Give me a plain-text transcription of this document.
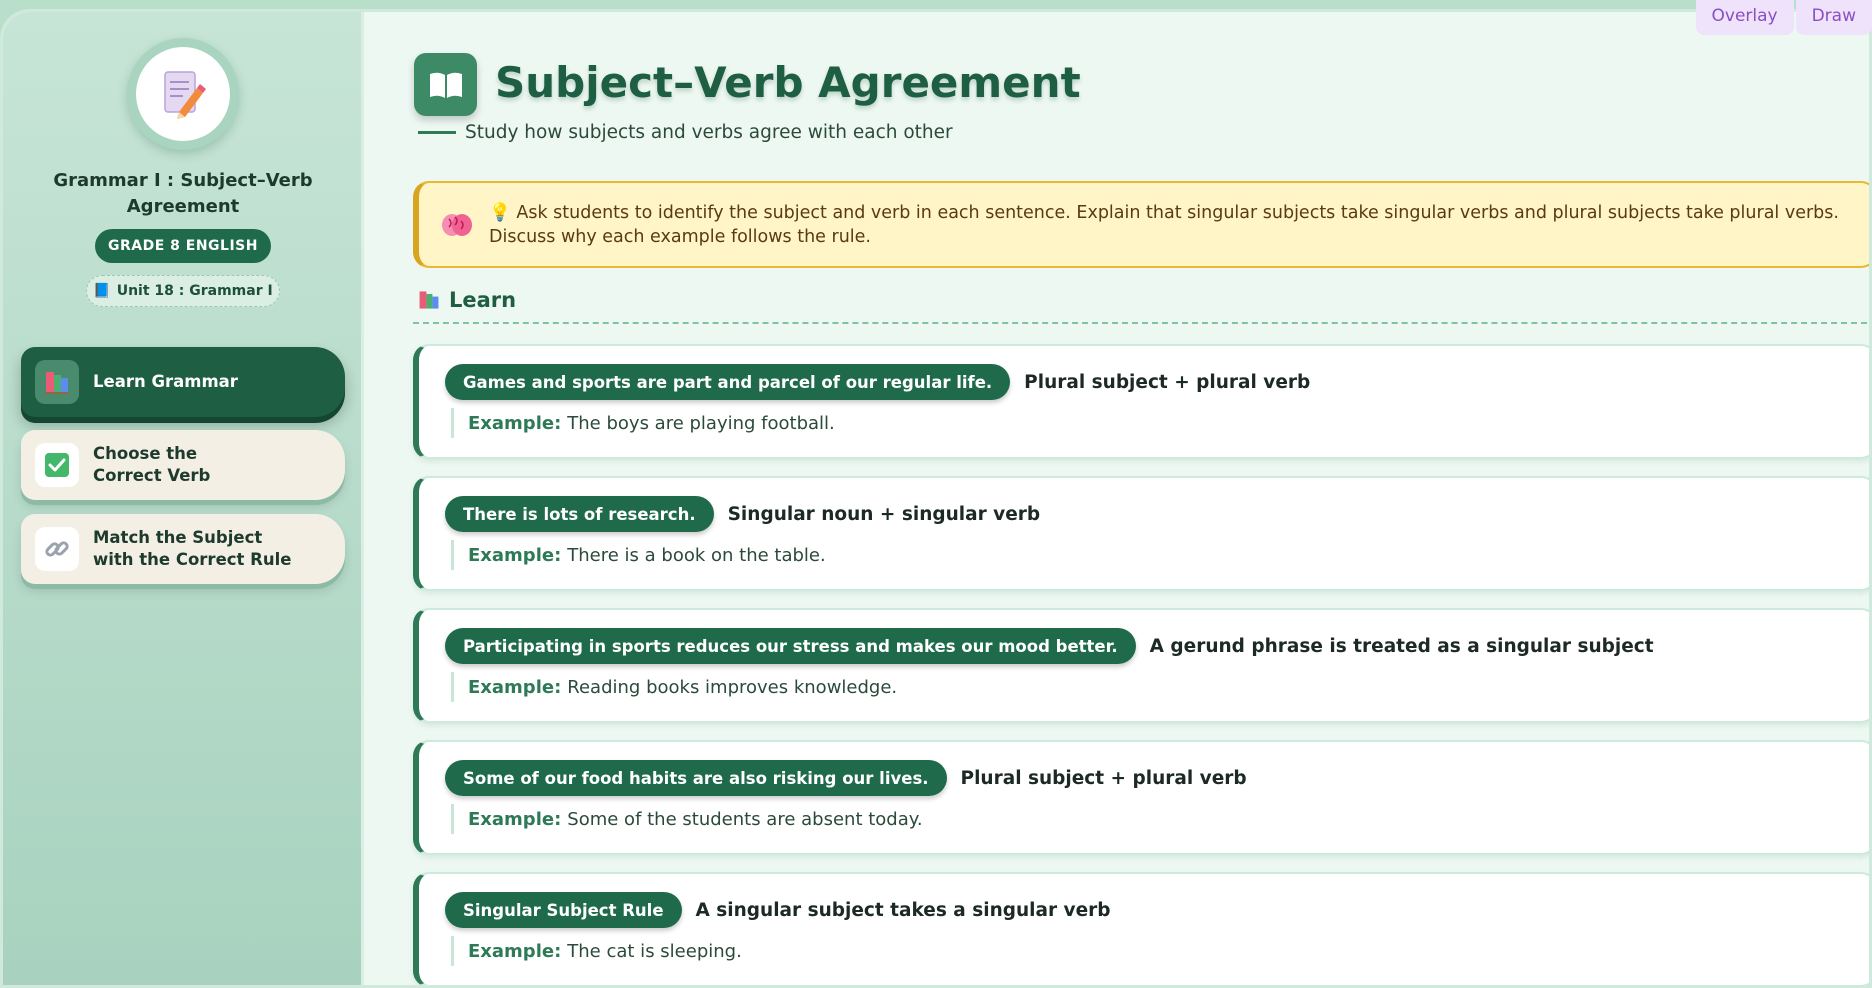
Overlay	Draw
Grammar I : Subject–Verb Agreement
GRADE 8 ENGLISH
📘 Unit 18 : Grammar I
Learn Grammar
Choose the Correct Verb
Match the Subject with the Correct Rule
Subject–Verb Agreement
Study how subjects and verbs agree with each other
💡 Ask students to identify the subject and verb in each sentence. Explain that singular subjects take singular verbs and plural subjects take plural verbs. Discuss why each example follows the rule.
Learn
Games and sports are part and parcel of our regular life.	Plural subject + plural verb
Example: The boys are playing football.
There is lots of research.	Singular noun + singular verb
Example: There is a book on the table.
Participating in sports reduces our stress and makes our mood better.	A gerund phrase is treated as a singular subject
Example: Reading books improves knowledge.
Some of our food habits are also risking our lives.	Plural subject + plural verb
Example: Some of the students are absent today.
Singular Subject Rule	A singular subject takes a singular verb
Example: The cat is sleeping.
